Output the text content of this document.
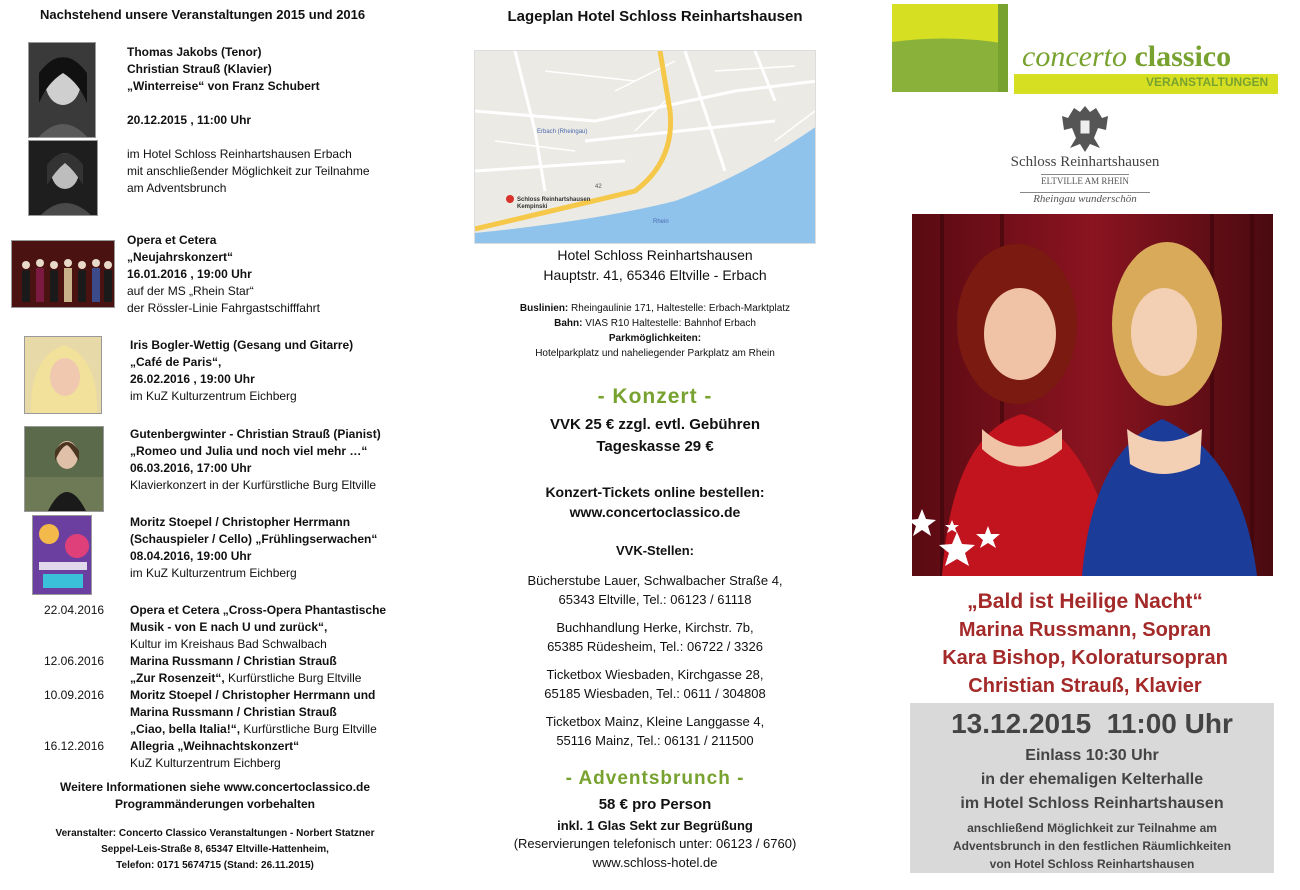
Nachstehend unsere Veranstaltungen 2015 und 2016
Thomas Jakobs (Tenor)
Christian Strauß (Klavier)
„Winterreise“ von Franz Schubert
20.12.2015 , 11:00 Uhr
im Hotel Schloss Reinhartshausen Erbach
mit anschließender Möglichkeit zur Teilnahme
am Adventsbrunch
Opera et Cetera
„Neujahrskonzert“
16.01.2016 , 19:00 Uhr
auf der MS „Rhein Star“
der Rössler-Linie Fahrgastschifffahrt
Iris Bogler-Wettig (Gesang und Gitarre)
„Café de Paris“,
26.02.2016 , 19:00 Uhr
im KuZ Kulturzentrum Eichberg
Gutenbergwinter - Christian Strauß (Pianist)
„Romeo und Julia und noch viel mehr …“
06.03.2016, 17:00 Uhr
Klavierkonzert in der Kurfürstliche Burg Eltville
Moritz Stoepel / Christopher Herrmann
(Schauspieler / Cello) „Frühlingserwachen“
08.04.2016, 19:00 Uhr
im KuZ Kulturzentrum Eichberg
22.04.2016 Opera et Cetera „Cross-Opera Phantastische
Musik - von E nach U und zurück“,
Kultur im Kreishaus Bad Schwalbach
12.06.2016 Marina Russmann / Christian Strauß
„Zur Rosenzeit“, Kurfürstliche Burg Eltville
10.09.2016 Moritz Stoepel / Christopher Herrmann und
Marina Russmann / Christian Strauß
„Ciao, bella Italia!“, Kurfürstliche Burg Eltville
16.12.2016 Allegria „Weihnachtskonzert“
KuZ Kulturzentrum Eichberg
Weitere Informationen siehe www.concertoclassico.de
Programmänderungen vorbehalten
Veranstalter: Concerto Classico Veranstaltungen - Norbert Statzner
Seppel-Leis-Straße 8, 65347 Eltville-Hattenheim,
Telefon: 0171 5674715 (Stand: 26.11.2015)
Lageplan Hotel Schloss Reinhartshausen
Schloss Reinhartshausen
Kempinski
Erbach (Rheingau)
Rhein
42
Hotel Schloss Reinhartshausen
Hauptstr. 41, 65346 Eltville - Erbach
Buslinien: Rheingaulinie 171, Haltestelle: Erbach-Marktplatz
Bahn: VIAS R10 Haltestelle: Bahnhof Erbach
Parkmöglichkeiten:
Hotelparkplatz und naheliegender Parkplatz am Rhein
- Konzert -
VVK 25 € zzgl. evtl. Gebühren
Tageskasse 29 €
Konzert-Tickets online bestellen:
www.concertoclassico.de
VVK-Stellen:
Bücherstube Lauer, Schwalbacher Straße 4,
65343 Eltville, Tel.: 06123 / 61118
Buchhandlung Herke, Kirchstr. 7b,
65385 Rüdesheim, Tel.: 06722 / 3326
Ticketbox Wiesbaden, Kirchgasse 28,
65185 Wiesbaden, Tel.: 0611 / 304808
Ticketbox Mainz, Kleine Langgasse 4,
55116 Mainz, Tel.: 06131 / 211500
- Adventsbrunch -
58 € pro Person
inkl. 1 Glas Sekt zur Begrüßung
(Reservierungen telefonisch unter: 06123 / 6760)
www.schloss-hotel.de
concerto classico
VERANSTALTUNGEN
Schloss Reinhartshausen
ELTVILLE AM RHEIN Rheingau wunderschön
„Bald ist Heilige Nacht“
Marina Russmann, Sopran
Kara Bishop, Koloratursopran
Christian Strauß, Klavier
13.12.2015  11:00 Uhr
Einlass 10:30 Uhr
in der ehemaligen Kelterhalle
im Hotel Schloss Reinhartshausen
anschließend Möglichkeit zur Teilnahme am
Adventsbrunch in den festlichen Räumlichkeiten
von Hotel Schloss Reinhartshausen
